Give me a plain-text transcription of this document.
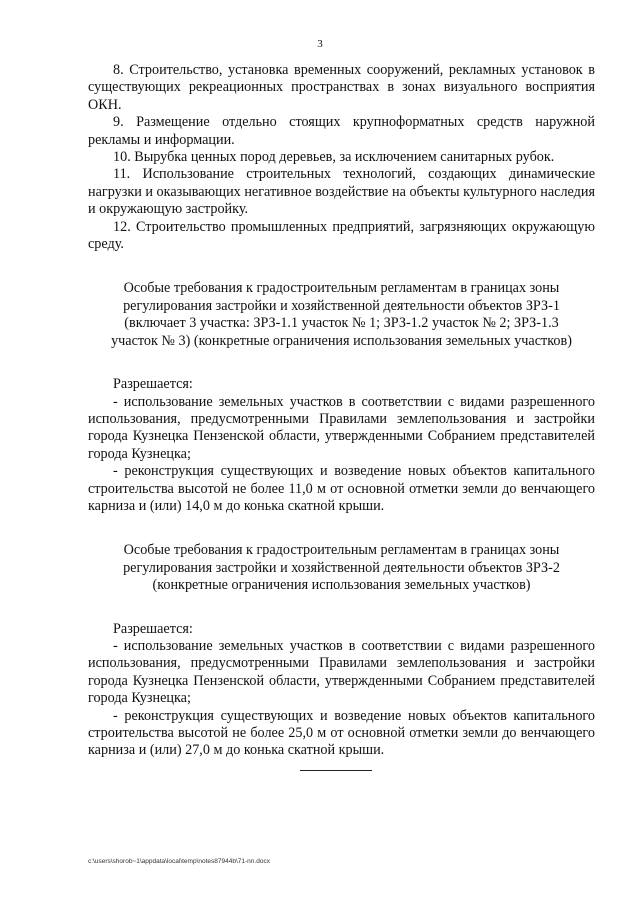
3

8. Строительство, установка временных сооружений, рекламных установок в существующих рекреационных пространствах в зонах визуального восприятия ОКН.

9. Размещение отдельно стоящих крупноформатных средств наружной рекламы и информации.

10. Вырубка ценных пород деревьев, за исключением санитарных рубок.

11. Использование строительных технологий, создающих динамические нагрузки и оказывающих негативное воздействие на объекты культурного наследия и окружающую застройку.

12. Строительство промышленных предприятий, загрязняющих окружающую среду.

Особые требования к градостроительным регламентам в границах зоны
регулирования застройки и хозяйственной деятельности объектов ЗРЗ-1
(включает 3 участка: ЗРЗ-1.1 участок № 1; ЗРЗ-1.2 участок № 2; ЗРЗ-1.3
участок № 3) (конкретные ограничения использования земельных участков)

Разрешается:

- использование земельных участков в соответствии с видами разрешенного использования, предусмотренными Правилами землепользования и застройки города Кузнецка Пензенской области, утвержденными Собранием представителей города Кузнецка;

- реконструкция существующих и возведение новых объектов капитального строительства высотой не более 11,0 м от основной отметки земли до венчающего карниза и (или) 14,0 м до конька скатной крыши.

Особые требования к градостроительным регламентам в границах зоны
регулирования застройки и хозяйственной деятельности объектов ЗРЗ-2
(конкретные ограничения использования земельных участков)

Разрешается:

- использование земельных участков в соответствии с видами разрешенного использования, предусмотренными Правилами землепользования и застройки города Кузнецка Пензенской области, утвержденными Собранием представителей города Кузнецка;

- реконструкция существующих и возведение новых объектов капитального строительства высотой не более 25,0 м от основной отметки земли до венчающего карниза и (или) 27,0 м до конька скатной крыши.

c:\users\shorob~1\appdata\local\temp\notes87944b\71-nn.docx
